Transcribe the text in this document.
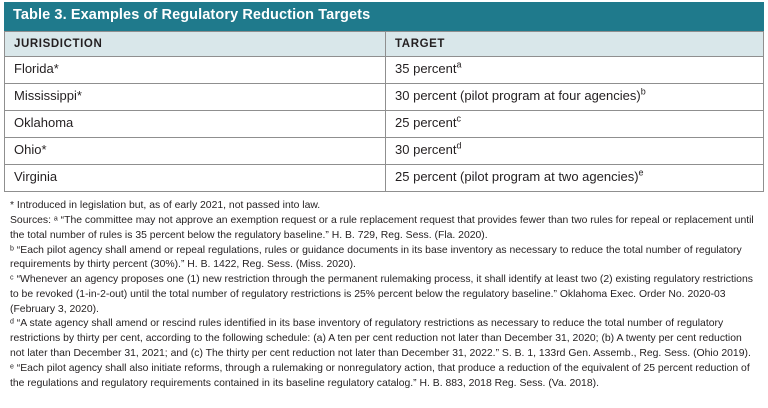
Table 3. Examples of Regulatory Reduction Targets
JURISDICTION	TARGET
Florida*	35 percent$^a$
Mississippi*	30 percent (pilot program at four agencies)$^b$
Oklahoma	25 percent$^c$
Ohio*	30 percent$^d$
Virginia	25 percent (pilot program at two agencies)$^e$

* Introduced in legislation but, as of early 2021, not passed into law.

Sources: ᵃ “The committee may not approve an exemption request or a rule replacement request that provides fewer than two rules for repeal or replacement until the total number of rules is 35 percent below the regulatory baseline.” H. B. 729, Reg. Sess. (Fla. 2020).

ᵇ “Each pilot agency shall amend or repeal regulations, rules or guidance documents in its base inventory as necessary to reduce the total number of regulatory requirements by thirty percent (30%).” H. B. 1422, Reg. Sess. (Miss. 2020).

ᶜ “Whenever an agency proposes one (1) new restriction through the permanent rulemaking process, it shall identify at least two (2) existing regulatory restrictions to be revoked (1-in-2-out) until the total number of regulatory restrictions is 25% percent below the regulatory baseline.” Oklahoma Exec. Order No. 2020-03 (February 3, 2020).

ᵈ “A state agency shall amend or rescind rules identified in its base inventory of regulatory restrictions as necessary to reduce the total number of regulatory restrictions by thirty per cent, according to the following schedule: (a) A ten per cent reduction not later than December 31, 2020; (b) A twenty per cent reduction not later than December 31, 2021; and (c) The thirty per cent reduction not later than December 31, 2022.” S. B. 1, 133rd Gen. Assemb., Reg. Sess. (Ohio 2019).

ᵉ “Each pilot agency shall also initiate reforms, through a rulemaking or nonregulatory action, that produce a reduction of the equivalent of 25 percent reduction of the regulations and regulatory requirements contained in its baseline regulatory catalog.” H. B. 883, 2018 Reg. Sess. (Va. 2018).
